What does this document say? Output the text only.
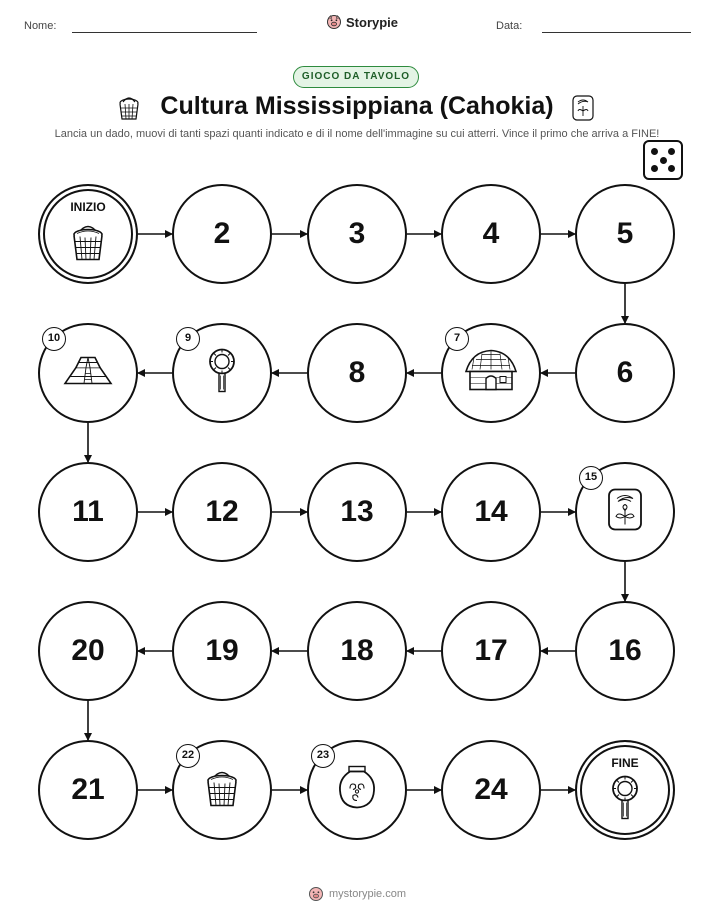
Nome:	Storypie	Data:
GIOCO DA TAVOLO
Cultura Mississippiana (Cahokia)
Lancia un dado, muovi di tanti spazi quanti indicato e di il nome dell'immagine su cui atterri. Vince il primo che arriva a FINE!
INIZIO
2	3	4	5
6
7
8
9
10
11	12	13	14
15
16
17
18
19
20
21
22	23
24
FINE
mystorypie.com
